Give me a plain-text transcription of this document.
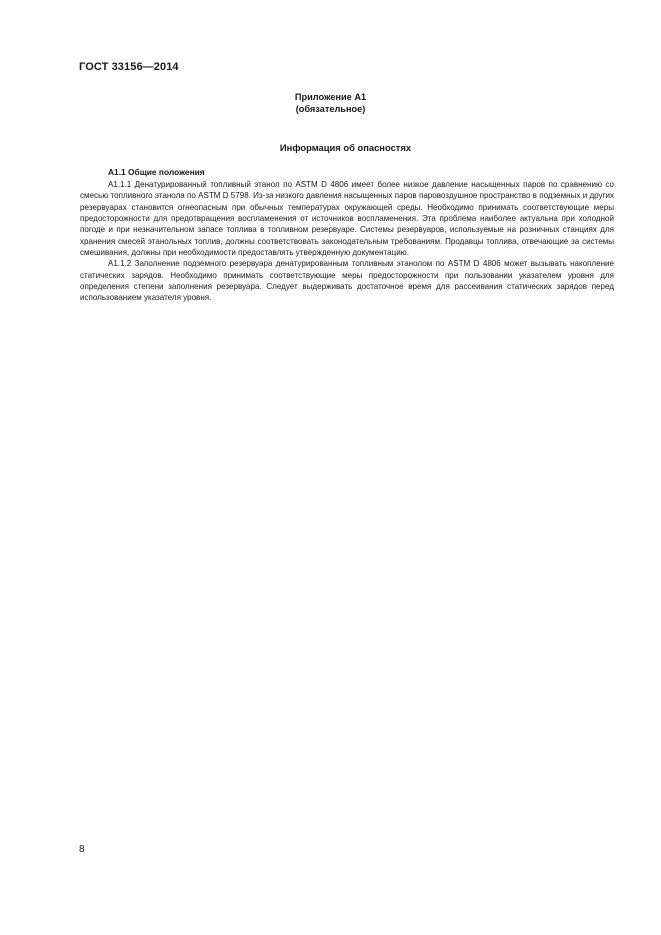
ГОСТ 33156—2014
Приложение А1
(обязательное)
Информация об опасностях

А1.1 Общие положения

А1.1.1 Денатурированный топливный этанол по ASTM D 4806 имеет более низкое давление насыщенных паров по сравнению со смесью топливного этанола по ASTM D 5798. Из-за низкого давления насыщенных паров паровоздушное пространство в подземных и других резервуарах становится огнеопасным при обычных температурах окружающей среды. Необходимо принимать соответствующие меры предосторожности для предотвращения воспламенения от источников воспламенения. Эта проблема наиболее актуальна при холодной погоде и при незначительном запасе топлива в топливном резервуаре. Системы резервуаров, используемые на розничных станциях для хранения смесей этанольных топлив, должны соответствовать законодательным требованиям. Продавцы топлива, отвечающие за системы смешивания, должны при необходимости предоставлять утвержденную документацию.

А1.1.2 Заполнение подземного резервуара денатурированным топливным этанолом по ASTM D 4806 может вызывать накопление статических зарядов. Необходимо принимать соответствующие меры предосторожности при пользовании указателем уровня для определения степени заполнения резервуара. Следует выдерживать достаточное время для рассеивания статических зарядов перед использованием указателя уровня.

8
